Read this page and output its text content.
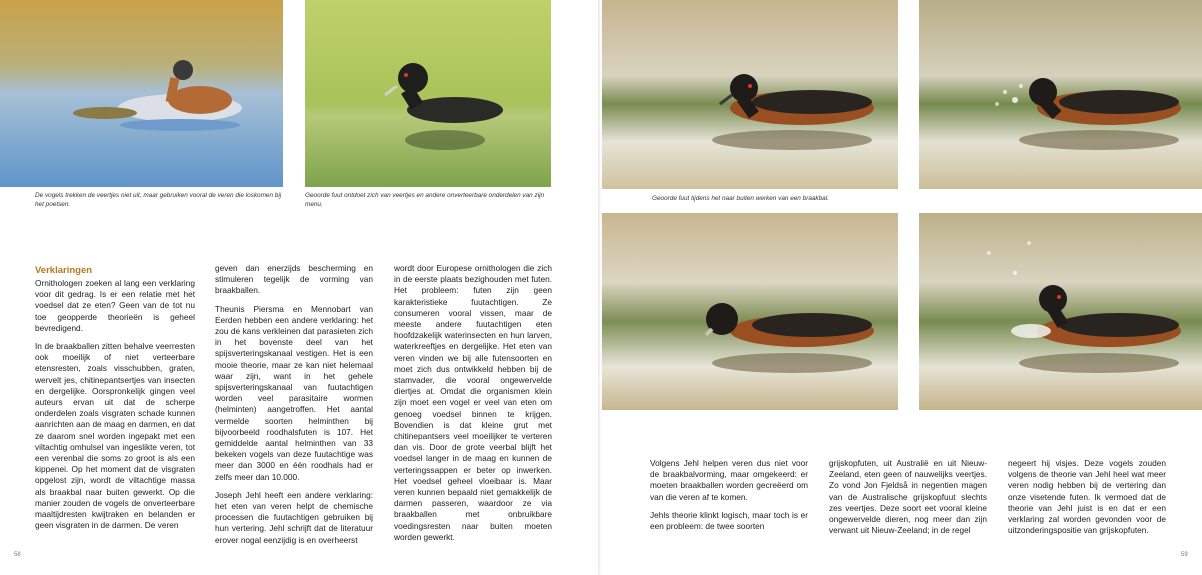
De vogels trekken de veertjes niet uit, maar gebruiken vooral de veren die loskomen bij het poetsen.
Geoorde fuut ontdoet zich van veertjes en andere onverteerbare onderdelen van zijn menu.
Verklaringen

Ornithologen zoeken al lang een verklaring voor dit gedrag. Is er een relatie met het voedsel dat ze eten? Geen van de tot nu toe geopperde theorieën is geheel bevredigend.

In de braakballen zitten behalve veerresten ook moeilijk of niet verteerbare etensresten, zoals visschubben, graten, wervelt jes, chitinepantsertjes van insecten en dergelijke. Oorspronkelijk gingen veel auteurs ervan uit dat de scherpe onderdelen zoals visgraten schade kunnen aanrichten aan de maag en darmen, en dat ze daarom snel worden ingepakt met een viltachtig omhulsel van ingesliktе veren, tot een verenbal die soms zo groot is als een kippenei. Op het moment dat de visgraten opgelost zijn, wordt de viltachtige massa als braakbal naar buiten gewerkt. Op die manier zouden de vogels de onverteerbare maaltijdresten kwijtraken en belanden er geen visgraten in de darmen. De veren

geven dan enerzijds bescherming en stimuleren tegelijk de vorming van braakballen.

Theunis Piersma en Mennobart van Eerden hebben een andere verklaring: het zou de kans verkleinen dat parasieten zich in het bovenste deel van het spijsverteringskanaal vestigen. Het is een mooie theorie, maar ze kan niet helemaal waar zijn, want in het gehele spijsverteringskanaal van fuutachtigen worden veel parasitaire wormen (helminten) aangetroffen. Het aantal vermelde soorten helminthen bij bijvoorbeeld roodhalsfuten is 107. Het gemiddelde aantal helminthen van 33 bekeken vogels van deze fuutachtige was meer dan 3000 en één roodhals had er zelfs meer dan 10.000.

Joseph Jehl heeft een andere verklaring: het eten van veren helpt de chemische processen die fuutachtigen gebruiken bij hun vertering. Jehl schrijft dat de literatuur erover nogal eenzijdig is en overheerst

wordt door Europese ornithologen die zich in de eerste plaats bezighouden met futen. Het probleem: futen zijn geen karakteristieke fuutachtigen. Ze consumeren vooral vissen, maar de meeste andere fuutachtigen eten hoofdzakelijk waterinsecten en hun larven, waterkreeftjes en dergelijke. Het eten van veren vinden we bij alle futensoorten en moet zich dus ontwikkeld hebben bij de stamvader, die vooral ongewervelde diertjes at. Omdat die organismen klein zijn moet een vogel er veel van eten om genoeg voedsel binnen te krijgen. Bovendien is dat kleine grut met chitinepantsers veel moeilijker te verteren dan vis. Door de grote veerbal blijft het voedsel langer in de maag en kunnen de verteringssappen er beter op inwerken. Het voedsel geheel vloeibaar is. Maar veren kunnen bepaald niet gemakkelijk de darmen passeren, waardoor ze via braakballen met onbruikbare voedingsresten naar buiten moeten worden gewerkt.

58
Geoorde fuut tijdens het naar buiten werken van een braakbal.

Volgens Jehl helpen veren dus niet voor de braakbalvorming, maar omgekeerd: er moeten braakballen worden gecreëerd om van die veren af te komen.

Jehls theorie klinkt logisch, maar toch is er een probleem: de twee soorten

grijskopfuten, uit Australië en uit Nieuw-Zeeland, eten geen of nauwelijks veertjes. Zo vond Jon Fjeldså in negentien magen van de Australische grijskopfuut slechts zes veertjes. Deze soort eet vooral kleine ongewervelde dieren, nog meer dan zijn verwant uit Nieuw-Zeeland; in de regel

negeert hij visjes. Deze vogels zouden volgens de theorie van Jehl heel wat meer veren nodig hebben bij de vertering dan onze visetende futen. Ik vermoed dat de theorie van Jehl juist is en dat er een verklaring zal worden gevonden voor de uitzonderingspositie van grijskopfuten.

59
